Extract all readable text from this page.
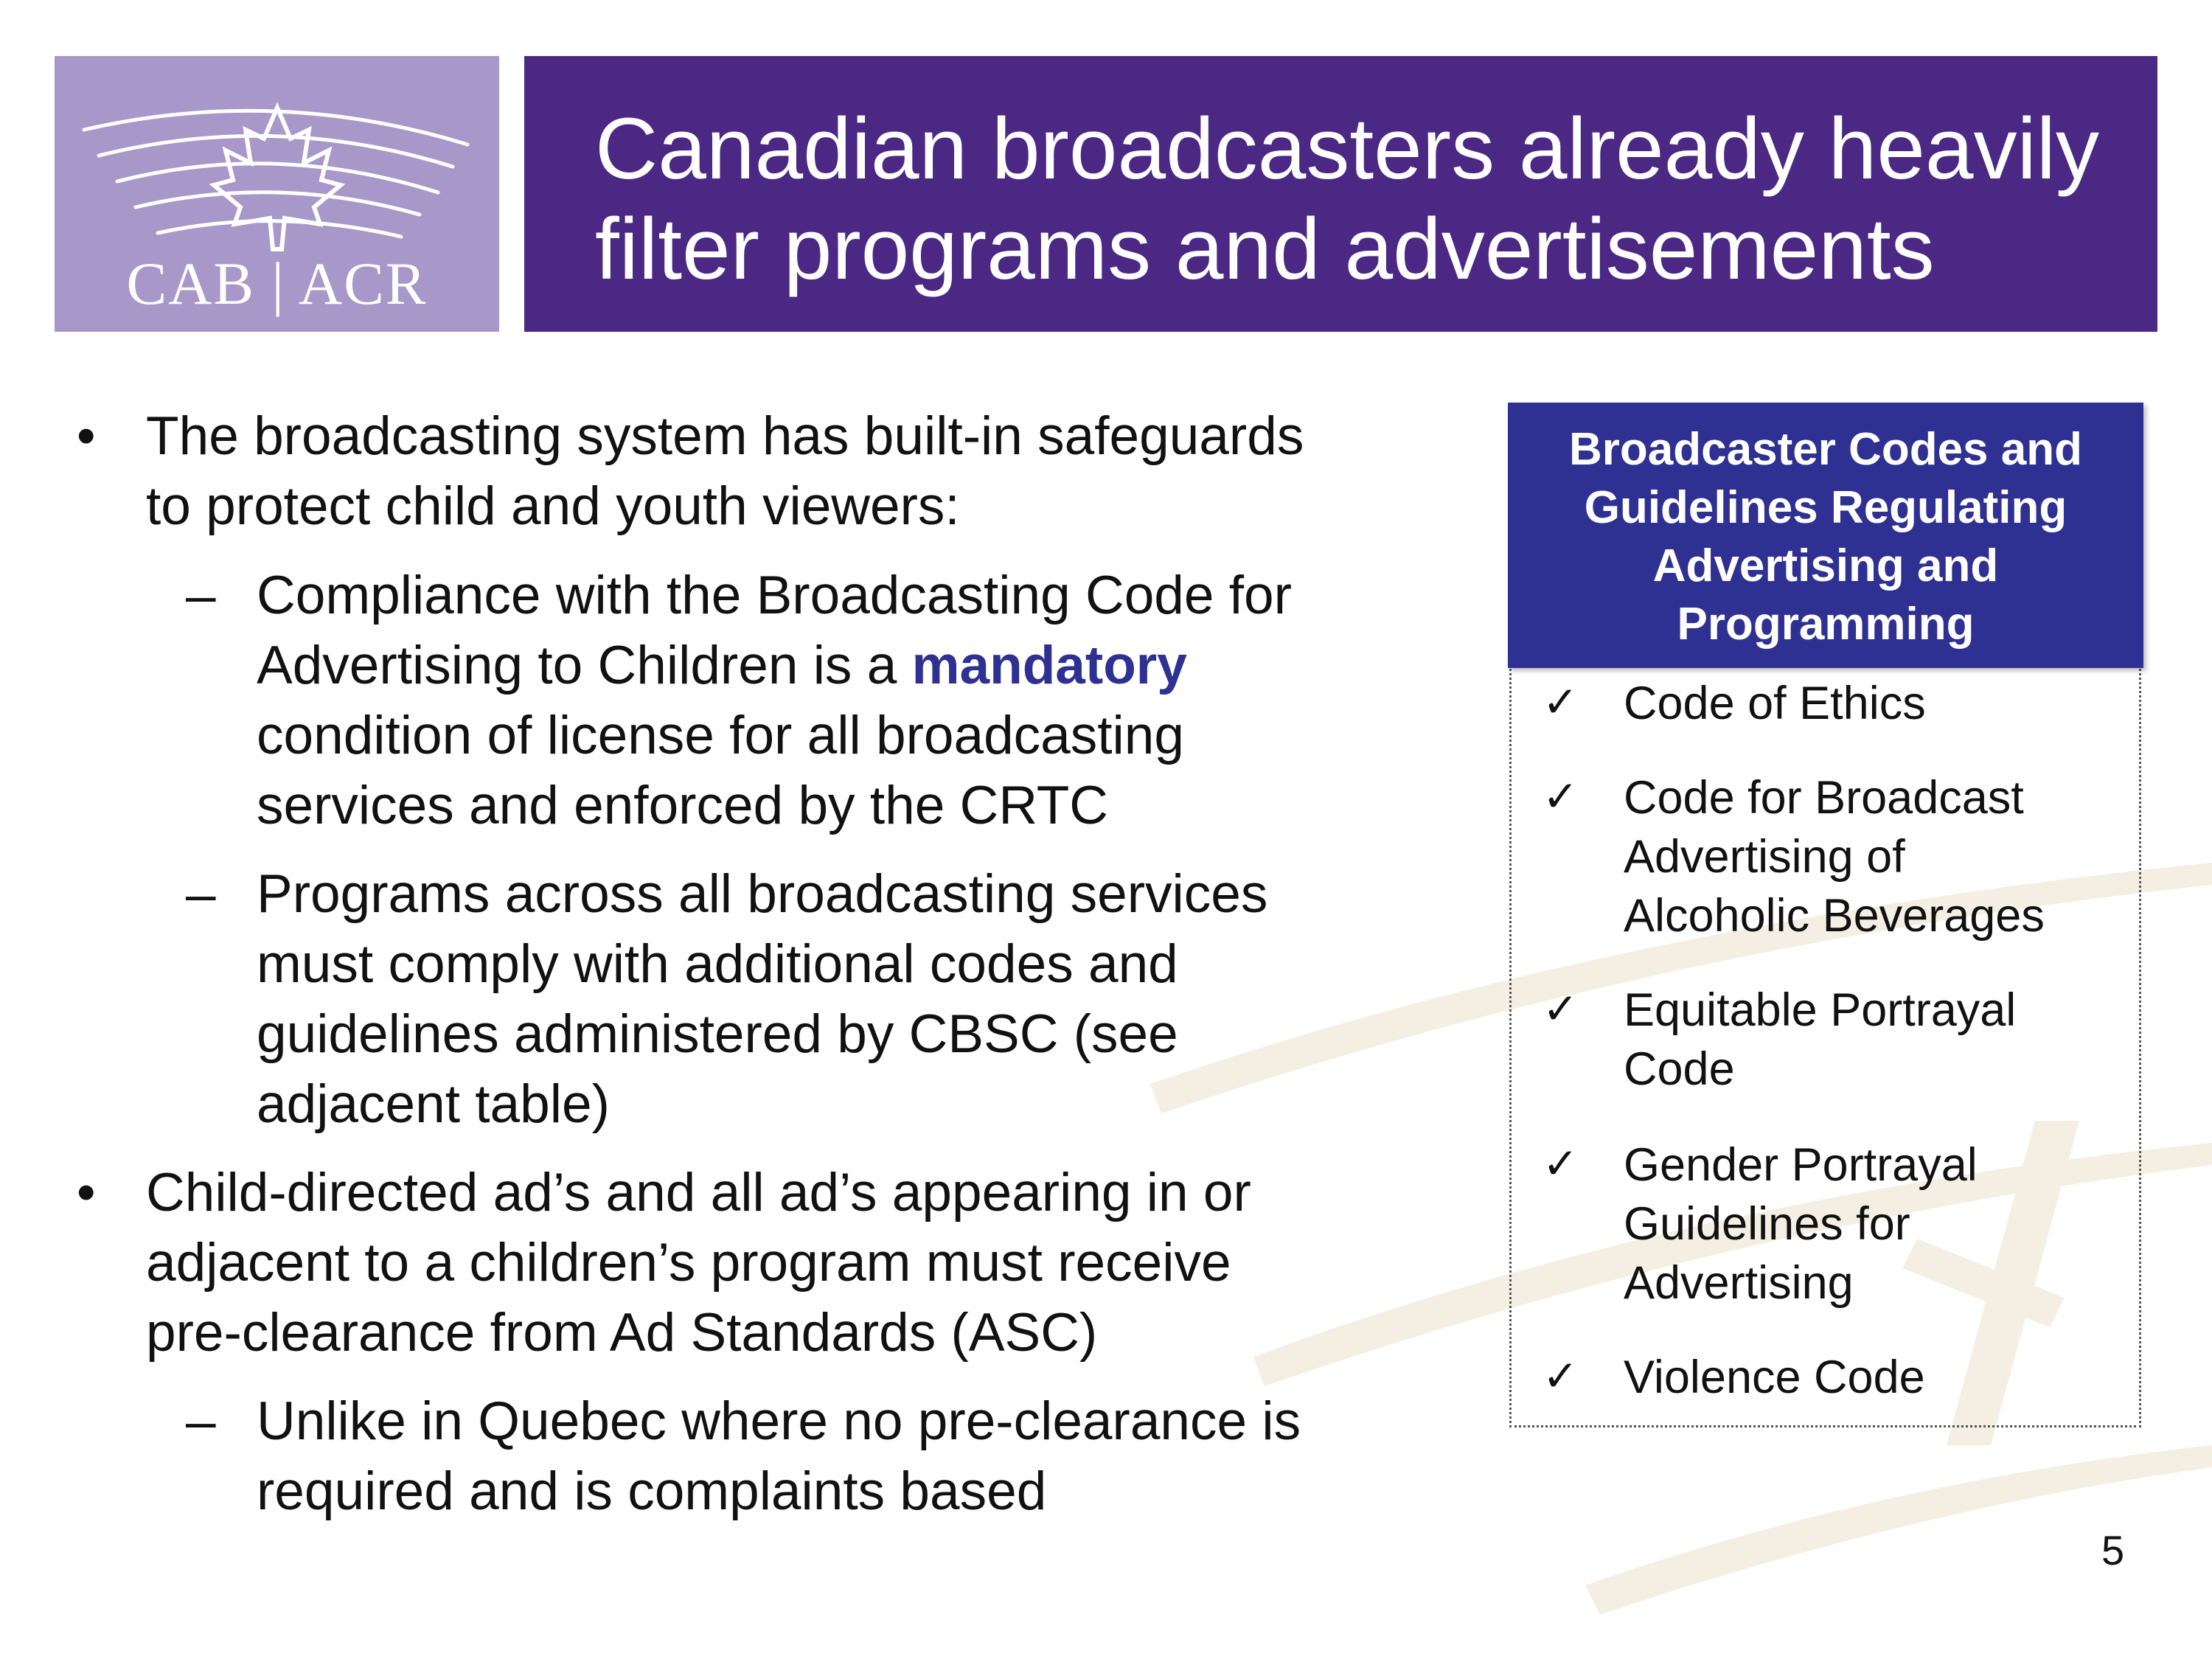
CAB | ACR
Canadian broadcasters already heavily
filter programs and advertisements
• The broadcasting system has built-in safeguards
to protect child and youth viewers:
– Compliance with the Broadcasting Code for
Advertising to Children is a mandatory
condition of license for all broadcasting
services and enforced by the CRTC
– Programs across all broadcasting services
must comply with additional codes and
guidelines administered by CBSC (see
adjacent table)
• Child-directed ad’s and all ad’s appearing in or
adjacent to a children’s program must receive
pre-clearance from Ad Standards (ASC)
– Unlike in Quebec where no pre-clearance is
required and is complaints based
Broadcaster Codes and
Guidelines Regulating
Advertising and
Programming
✓ Code of Ethics
✓ Code for Broadcast
Advertising of
Alcoholic Beverages
✓ Equitable Portrayal
Code
✓ Gender Portrayal
Guidelines for
Advertising
✓ Violence Code
5
